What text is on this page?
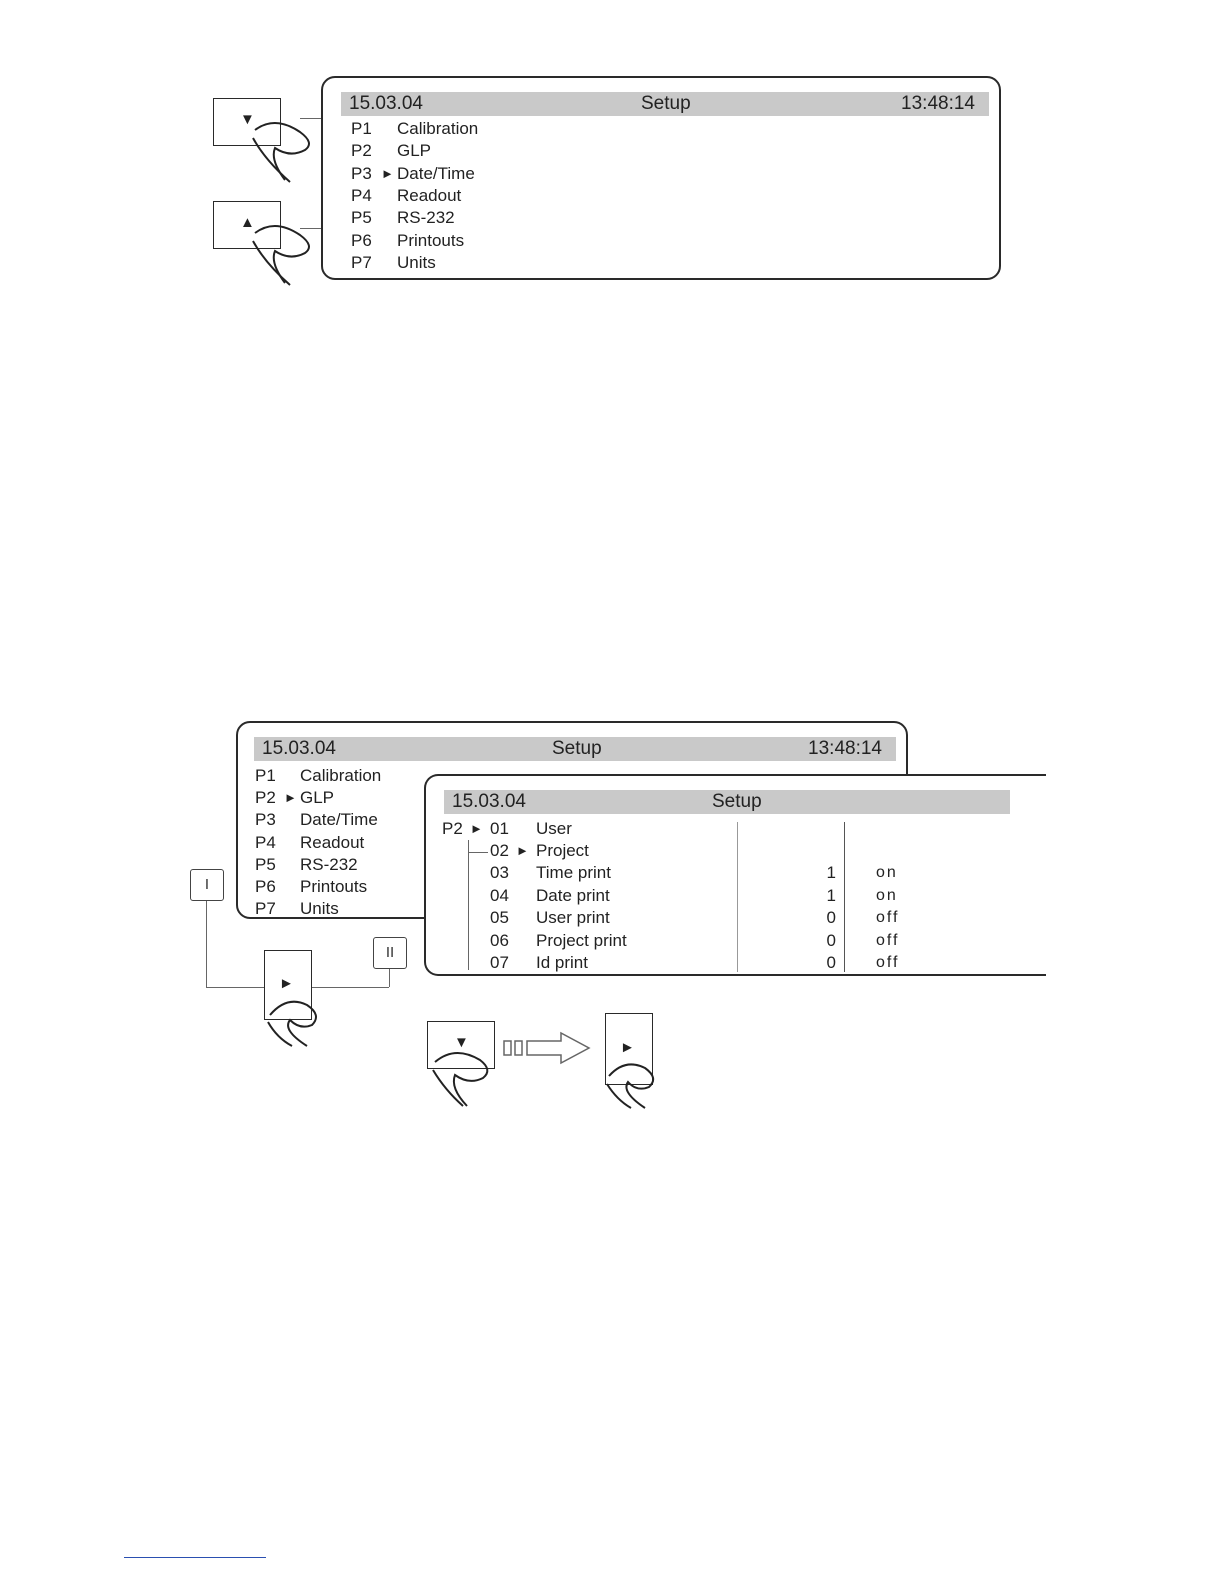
▼
▲
15.03.04	Setup	13:48:14
P1 Calibration
P2 GLP
P3 ► Date/Time
P4 Readout
P5 RS-232
P6 Printouts
P7 Units
15.03.04	Setup	13:48:14
P1 Calibration
P2 ► GLP
P3 Date/Time
P4 Readout
P5 RS-232
P6 Printouts
P7 Units
15.03.04	Setup
P2 ► 01 User
02 ► Project
03 Time print	1	on
04 Date print	1	on
05 User print	0	off
06 Project print	0	off
07 Id print	0	off
I
II
►
▼	►
